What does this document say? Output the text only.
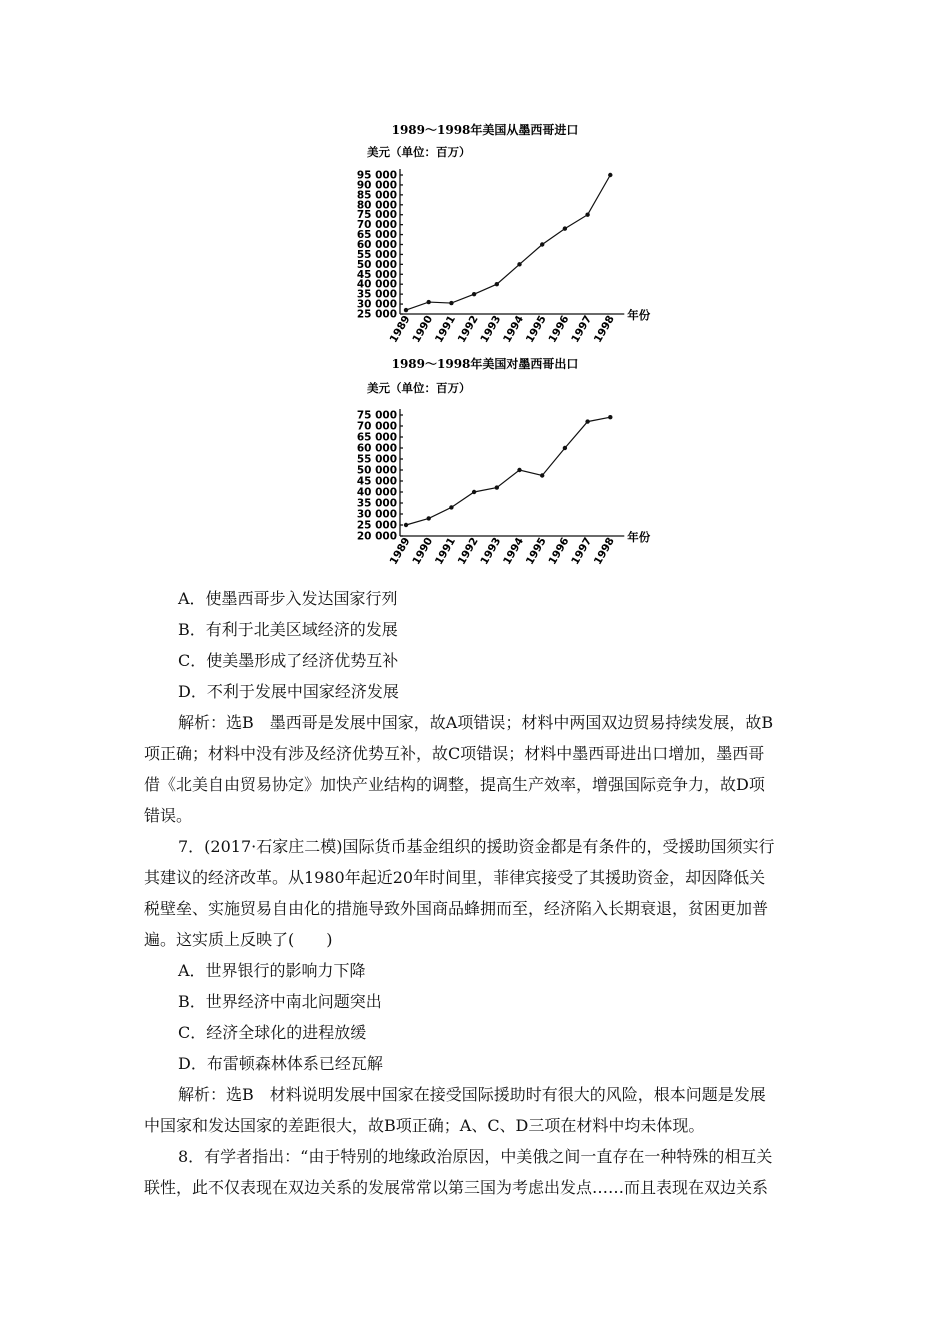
1989～1998年美国从墨西哥进口
美元（单位：百万）
95 000
90 000
85 000
80 000
75 000
70 000
65 000
60 000
55 000
50 000
45 000
40 000
35 000
30 000
25 000
1989
1990
1991
1992
1993
1994
1995
1996
1997
1998 年份
1989～1998年美国对墨西哥出口
美元（单位：百万）
75 000
70 000
65 000
60 000
55 000
50 000
45 000
40 000
35 000
30 000
25 000
20 000
1989
1990
1991
1992
1993
1994
1995
1996
1997
1998 年份
A．使墨西哥步入发达国家行列
B．有利于北美区域经济的发展
C．使美墨形成了经济优势互补
D．不利于发展中国家经济发展
解析：选B　墨西哥是发展中国家，故A项错误；材料中两国双边贸易持续发展，故B
项正确；材料中没有涉及经济优势互补，故C项错误；材料中墨西哥进出口增加，墨西哥
借《北美自由贸易协定》加快产业结构的调整，提高生产效率，增强国际竞争力，故D项
错误。
7．(2017·石家庄二模)国际货币基金组织的援助资金都是有条件的，受援助国须实行
其建议的经济改革。从1980年起近20年时间里，菲律宾接受了其援助资金，却因降低关
税壁垒、实施贸易自由化的措施导致外国商品蜂拥而至，经济陷入长期衰退，贫困更加普
遍。这实质上反映了(　　)
A．世界银行的影响力下降
B．世界经济中南北问题突出
C．经济全球化的进程放缓
D．布雷顿森林体系已经瓦解
解析：选B　材料说明发展中国家在接受国际援助时有很大的风险，根本问题是发展
中国家和发达国家的差距很大，故B项正确；A、C、D三项在材料中均未体现。
8．有学者指出：“由于特别的地缘政治原因，中美俄之间一直存在一种特殊的相互关
联性，此不仅表现在双边关系的发展常常以第三国为考虑出发点……而且表现在双边关系
